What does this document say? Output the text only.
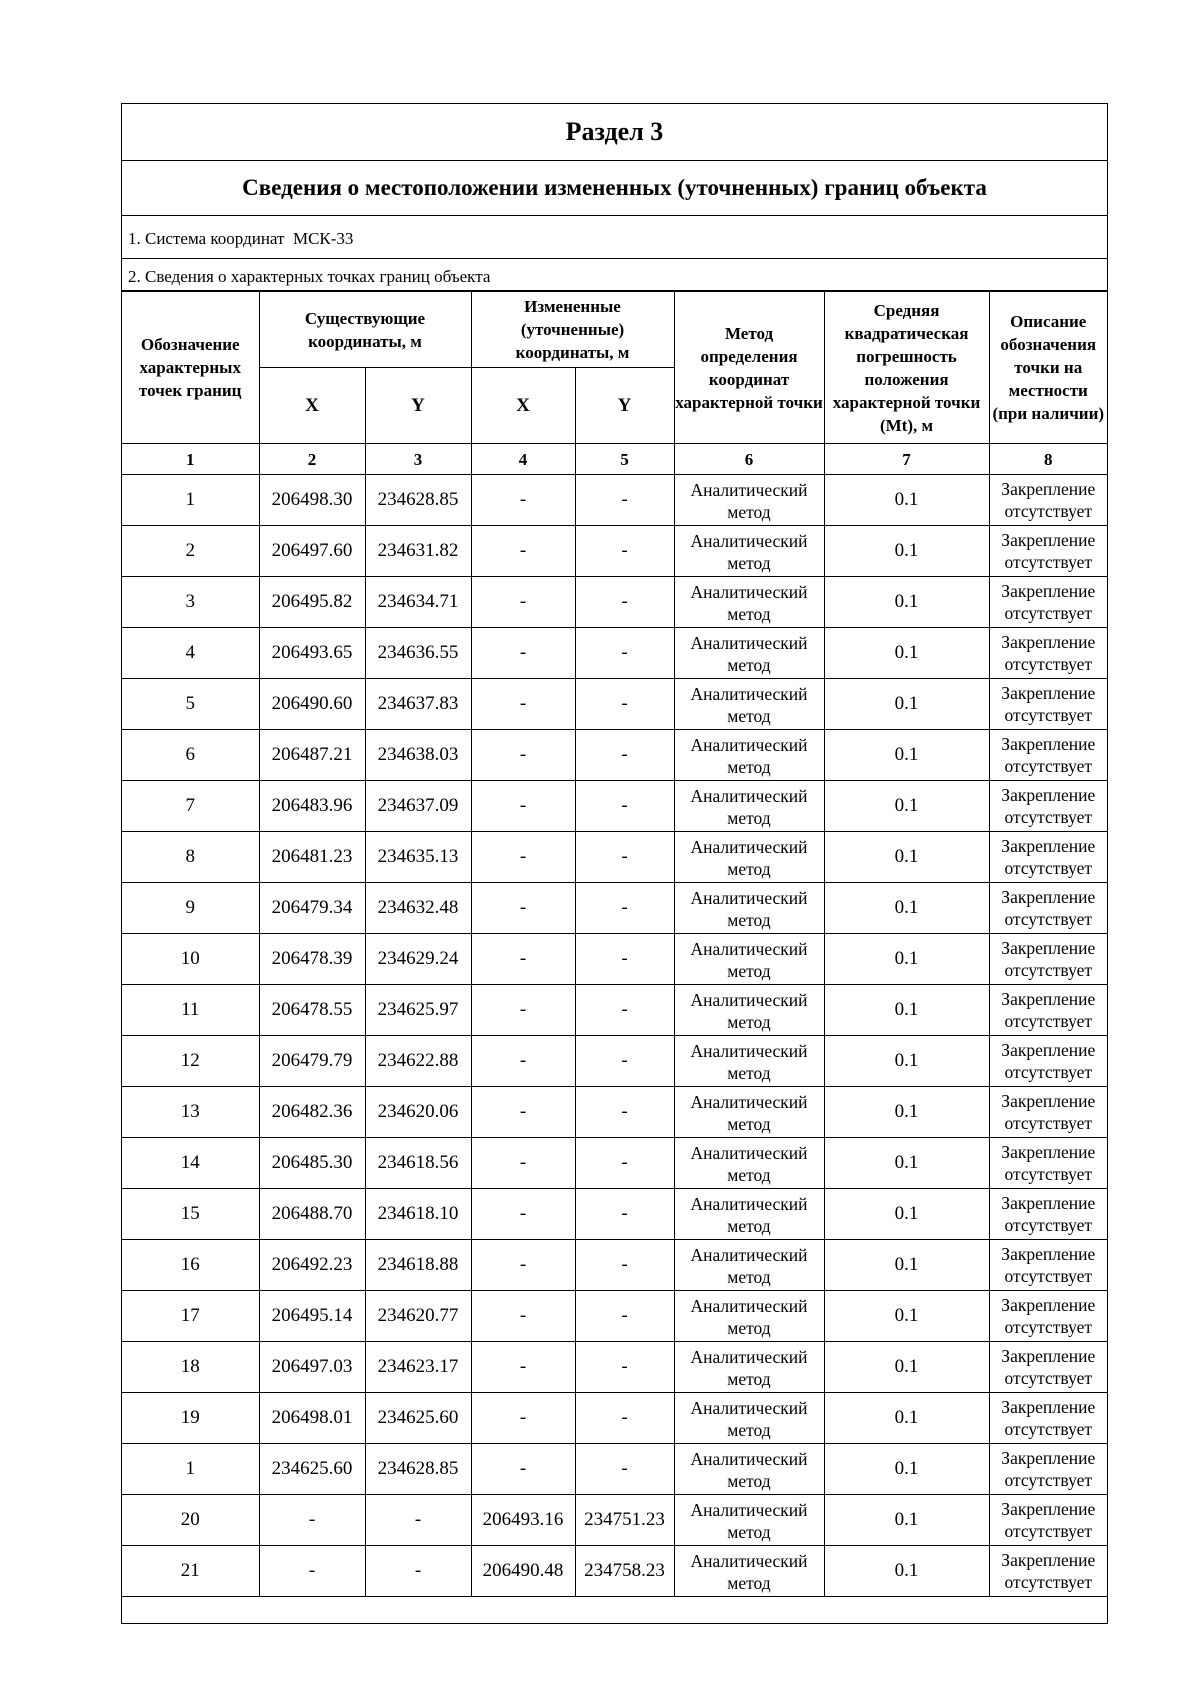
Раздел 3
Сведения о местоположении измененных (уточненных) границ объекта
1. Система координат МСК-33
2. Сведения о характерных точках границ объекта
Обозначение характерных точек границ	Существующие координаты, м		Измененные (уточненные) координаты, м		Метод определения координат характерной точки	Средняя квадратическая погрешность положения характерной точки (Mt), м	Описание обозначения точки на местности (при наличии)
	X	Y	X	Y			
1	2	3	4	5	6	7	8
1	206498.30	234628.85	-	-	Аналитический метод	0.1	Закрепление отсутствует
2	206497.60	234631.82	-	-	Аналитический метод	0.1	Закрепление отсутствует
3	206495.82	234634.71	-	-	Аналитический метод	0.1	Закрепление отсутствует
4	206493.65	234636.55	-	-	Аналитический метод	0.1	Закрепление отсутствует
5	206490.60	234637.83	-	-	Аналитический метод	0.1	Закрепление отсутствует
6	206487.21	234638.03	-	-	Аналитический метод	0.1	Закрепление отсутствует
7	206483.96	234637.09	-	-	Аналитический метод	0.1	Закрепление отсутствует
8	206481.23	234635.13	-	-	Аналитический метод	0.1	Закрепление отсутствует
9	206479.34	234632.48	-	-	Аналитический метод	0.1	Закрепление отсутствует
10	206478.39	234629.24	-	-	Аналитический метод	0.1	Закрепление отсутствует
11	206478.55	234625.97	-	-	Аналитический метод	0.1	Закрепление отсутствует
12	206479.79	234622.88	-	-	Аналитический метод	0.1	Закрепление отсутствует
13	206482.36	234620.06	-	-	Аналитический метод	0.1	Закрепление отсутствует
14	206485.30	234618.56	-	-	Аналитический метод	0.1	Закрепление отсутствует
15	206488.70	234618.10	-	-	Аналитический метод	0.1	Закрепление отсутствует
16	206492.23	234618.88	-	-	Аналитический метод	0.1	Закрепление отсутствует
17	206495.14	234620.77	-	-	Аналитический метод	0.1	Закрепление отсутствует
18	206497.03	234623.17	-	-	Аналитический метод	0.1	Закрепление отсутствует
19	206498.01	234625.60	-	-	Аналитический метод	0.1	Закрепление отсутствует
1	234625.60	234628.85	-	-	Аналитический метод	0.1	Закрепление отсутствует
20	-	-	206493.16	234751.23	Аналитический метод	0.1	Закрепление отсутствует
21	-	-	206490.48	234758.23	Аналитический метод	0.1	Закрепление отсутствует
